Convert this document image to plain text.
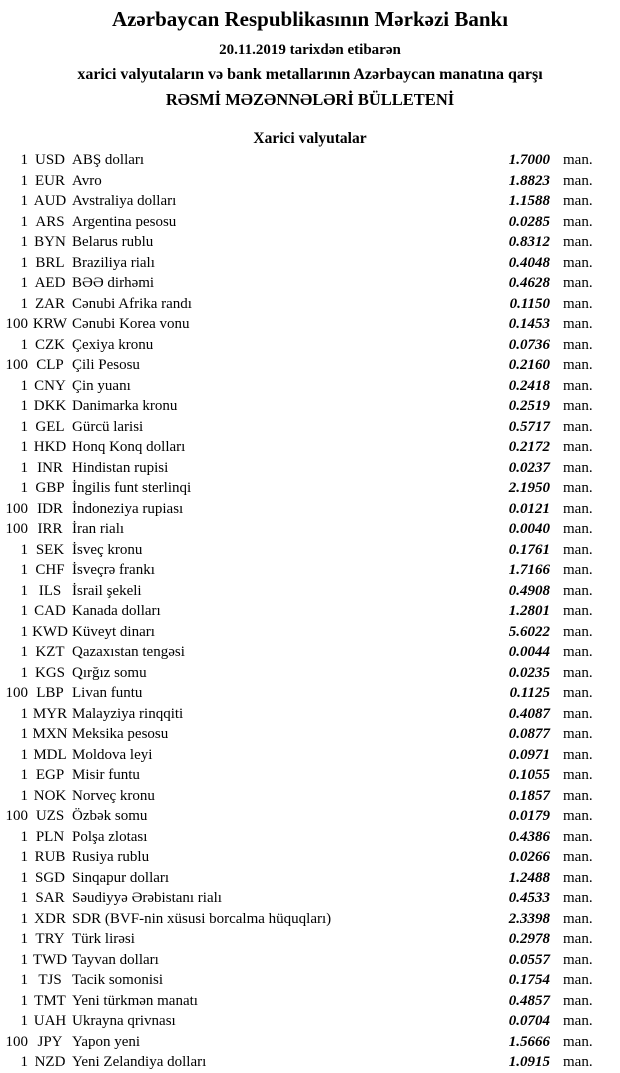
Azərbaycan Respublikasının Mərkəzi Bankı
20.11.2019 tarixdən etibarən
xarici valyutaların və bank metallarının Azərbaycan manatına qarşı
RƏSMİ MƏZƏNNƏLƏRİ BÜLLETENİ
Xarici valyutalar
1 USD ABŞ dolları	1.7000 man.
1 EUR Avro	1.8823 man.
1 AUD Avstraliya dolları	1.1588 man.
1 ARS Argentina pesosu	0.0285 man.
1 BYN Belarus rublu	0.8312 man.
1 BRL Braziliya rialı	0.4048 man.
1 AED BƏƏ dirhəmi	0.4628 man.
1 ZAR Cənubi Afrika randı	0.1150 man.
100 KRW Cənubi Korea vonu	0.1453 man.
1 CZK Çexiya kronu	0.0736 man.
100 CLP Çili Pesosu	0.2160 man.
1 CNY Çin yuanı	0.2418 man.
1 DKK Danimarka kronu	0.2519 man.
1 GEL Gürcü larisi	0.5717 man.
1 HKD Honq Konq dolları	0.2172 man.
1 INR Hindistan rupisi	0.0237 man.
1 GBP İngilis funt sterlinqi	2.1950 man.
100 IDR İndoneziya rupiası	0.0121 man.
100 IRR İran rialı	0.0040 man.
1 SEK İsveç kronu	0.1761 man.
1 CHF İsveçrə frankı	1.7166 man.
1 ILS İsrail şekeli	0.4908 man.
1 CAD Kanada dolları	1.2801 man.
1 KWD Küveyt dinarı	5.6022 man.
1 KZT Qazaxıstan tengəsi	0.0044 man.
1 KGS Qırğız somu	0.0235 man.
100 LBP Livan funtu	0.1125 man.
1 MYR Malayziya rinqqiti	0.4087 man.
1 MXN Meksika pesosu	0.0877 man.
1 MDL Moldova leyi	0.0971 man.
1 EGP Misir funtu	0.1055 man.
1 NOK Norveç kronu	0.1857 man.
100 UZS Özbək somu	0.0179 man.
1 PLN Polşa zlotası	0.4386 man.
1 RUB Rusiya rublu	0.0266 man.
1 SGD Sinqapur dolları	1.2488 man.
1 SAR Səudiyyə Ərəbistanı rialı	0.4533 man.
1 XDR SDR (BVF-nin xüsusi borcalma hüquqları)	2.3398 man.
1 TRY Türk lirəsi	0.2978 man.
1 TWD Tayvan dolları	0.0557 man.
1 TJS Tacik somonisi	0.1754 man.
1 TMT Yeni türkmən manatı	0.4857 man.
1 UAH Ukrayna qrivnası	0.0704 man.
100 JPY Yapon yeni	1.5666 man.
1 NZD Yeni Zelandiya dolları	1.0915 man.
